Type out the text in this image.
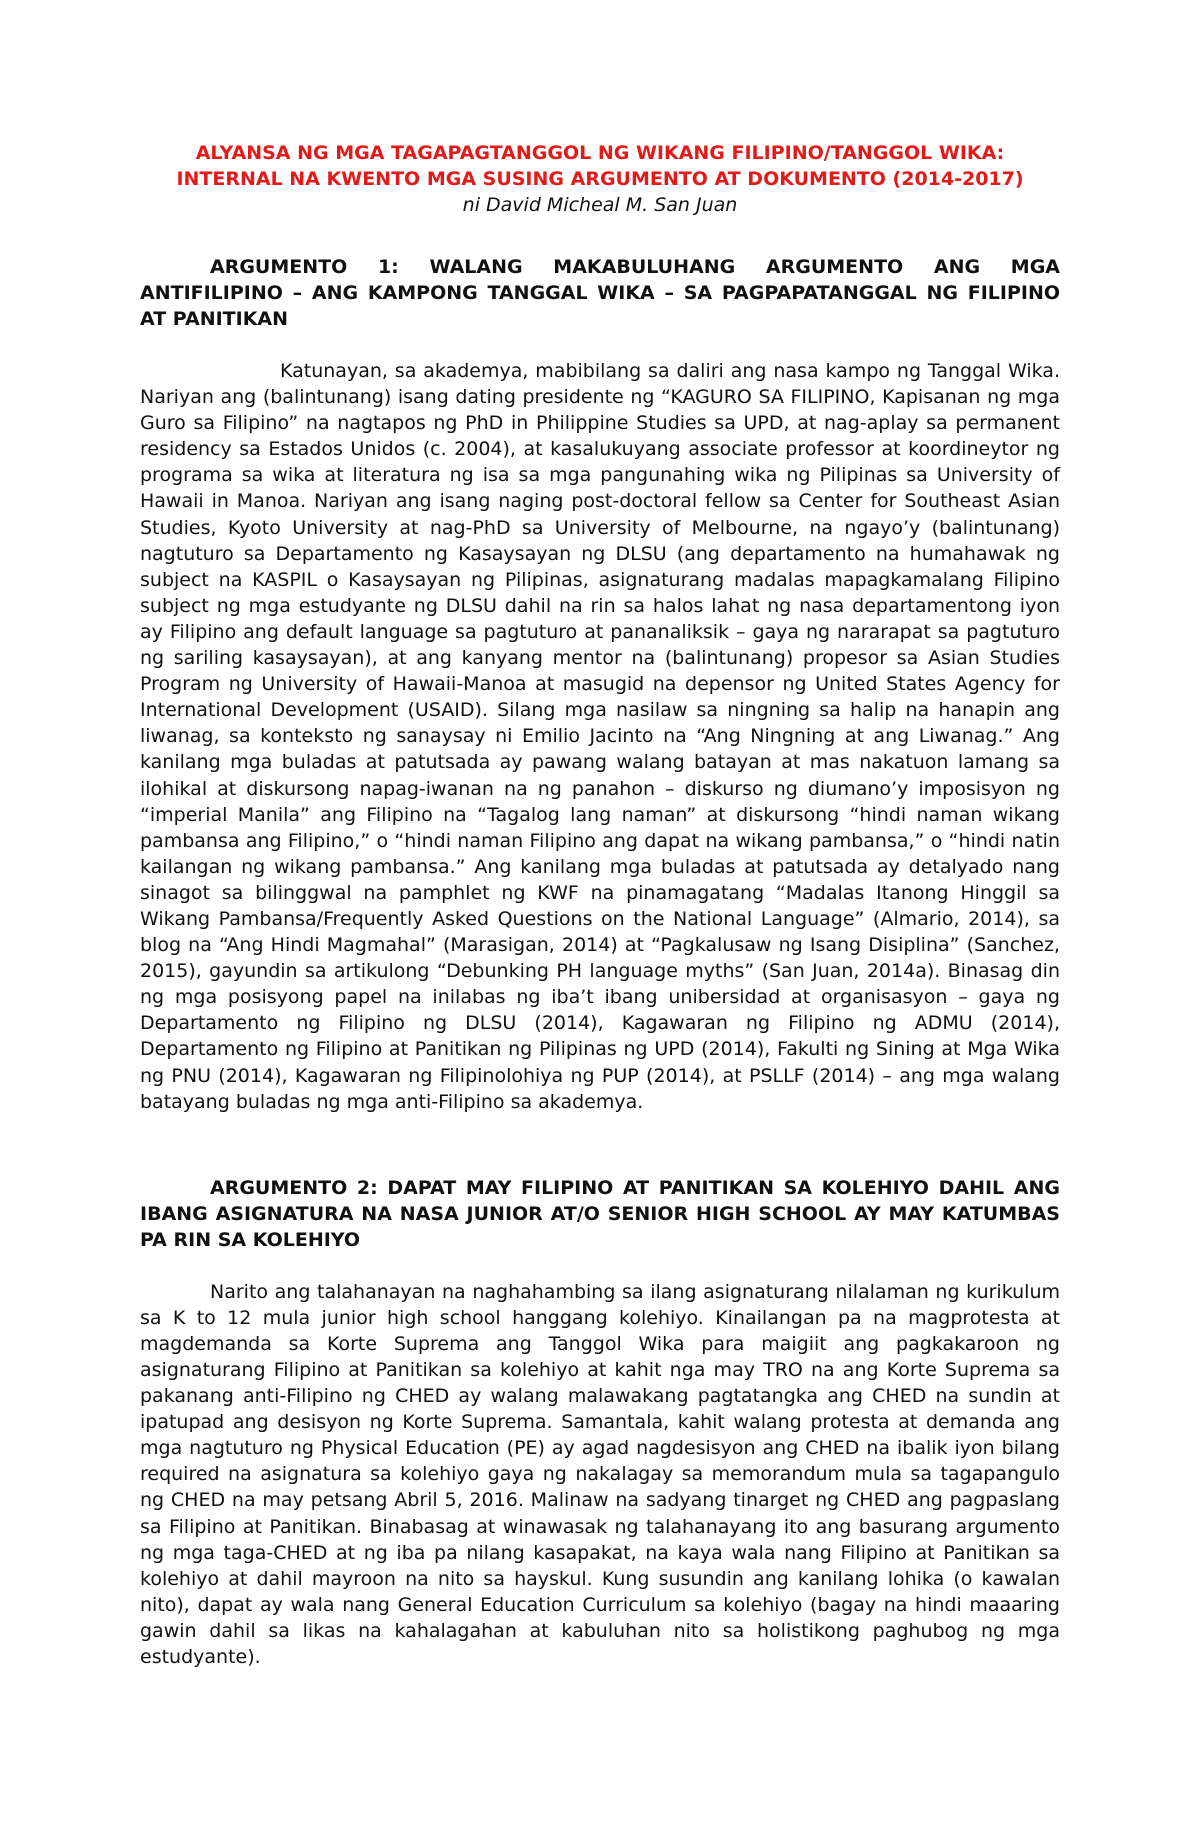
ALYANSA NG MGA TAGAPAGTANGGOL NG WIKANG FILIPINO/TANGGOL WIKA:

INTERNAL NA KWENTO MGA SUSING ARGUMENTO AT DOKUMENTO (2014-2017)

ni David Micheal M. San Juan

ARGUMENTO 1: WALANG MAKABULUHANG ARGUMENTO ANG MGA ANTIFILIPINO – ANG KAMPONG TANGGAL WIKA – SA PAGPAPATANGGAL NG FILIPINO AT PANITIKAN

Katunayan, sa akademya, mabibilang sa daliri ang nasa kampo ng Tanggal Wika. Nariyan ang (balintunang) isang dating presidente ng “KAGURO SA FILIPINO, Kapisanan ng mga Guro sa Filipino” na nagtapos ng PhD in Philippine Studies sa UPD, at nag-aplay sa permanent residency sa Estados Unidos (c. 2004), at kasalukuyang associate professor at koordineytor ng programa sa wika at literatura ng isa sa mga pangunahing wika ng Pilipinas sa University of Hawaii in Manoa. Nariyan ang isang naging post-doctoral fellow sa Center for Southeast Asian Studies, Kyoto University at nag-PhD sa University of Melbourne, na ngayo’y (balintunang) nagtuturo sa Departamento ng Kasaysayan ng DLSU (ang departamento na humahawak ng subject na KASPIL o Kasaysayan ng Pilipinas, asignaturang madalas mapagkamalang Filipino subject ng mga estudyante ng DLSU dahil na rin sa halos lahat ng nasa departamentong iyon ay Filipino ang default language sa pagtuturo at pananaliksik – gaya ng nararapat sa pagtuturo ng sariling kasaysayan), at ang kanyang mentor na (balintunang) propesor sa Asian Studies Program ng University of Hawaii-Manoa at masugid na depensor ng United States Agency for International Development (USAID). Silang mga nasilaw sa ningning sa halip na hanapin ang liwanag, sa konteksto ng sanaysay ni Emilio Jacinto na “Ang Ningning at ang Liwanag.” Ang kanilang mga buladas at patutsada ay pawang walang batayan at mas nakatuon lamang sa ilohikal at diskursong napag-iwanan na ng panahon – diskurso ng diumano’y imposisyon ng “imperial Manila” ang Filipino na “Tagalog lang naman” at diskursong “hindi naman wikang pambansa ang Filipino,” o “hindi naman Filipino ang dapat na wikang pambansa,” o “hindi natin kailangan ng wikang pambansa.” Ang kanilang mga buladas at patutsada ay detalyado nang sinagot sa bilinggwal na pamphlet ng KWF na pinamagatang “Madalas Itanong Hinggil sa Wikang Pambansa/Frequently Asked Questions on the National Language” (Almario, 2014), sa blog na “Ang Hindi Magmahal” (Marasigan, 2014) at “Pagkalusaw ng Isang Disiplina” (Sanchez, 2015), gayundin sa artikulong “Debunking PH language myths” (San Juan, 2014a). Binasag din ng mga posisyong papel na inilabas ng iba’t ibang unibersidad at organisasyon – gaya ng Departamento ng Filipino ng DLSU (2014), Kagawaran ng Filipino ng ADMU (2014), Departamento ng Filipino at Panitikan ng Pilipinas ng UPD (2014), Fakulti ng Sining at Mga Wika ng PNU (2014), Kagawaran ng Filipinolohiya ng PUP (2014), at PSLLF (2014) – ang mga walang batayang buladas ng mga anti-Filipino sa akademya.

ARGUMENTO 2: DAPAT MAY FILIPINO AT PANITIKAN SA KOLEHIYO DAHIL ANG IBANG ASIGNATURA NA NASA JUNIOR AT/O SENIOR HIGH SCHOOL AY MAY KATUMBAS PA RIN SA KOLEHIYO

Narito ang talahanayan na naghahambing sa ilang asignaturang nilalaman ng kurikulum sa K to 12 mula junior high school hanggang kolehiyo. Kinailangan pa na magprotesta at magdemanda sa Korte Suprema ang Tanggol Wika para maigiit ang pagkakaroon ng asignaturang Filipino at Panitikan sa kolehiyo at kahit nga may TRO na ang Korte Suprema sa pakanang anti-Filipino ng CHED ay walang malawakang pagtatangka ang CHED na sundin at ipatupad ang desisyon ng Korte Suprema. Samantala, kahit walang protesta at demanda ang mga nagtuturo ng Physical Education (PE) ay agad nagdesisyon ang CHED na ibalik iyon bilang required na asignatura sa kolehiyo gaya ng nakalagay sa memorandum mula sa tagapangulo ng CHED na may petsang Abril 5, 2016. Malinaw na sadyang tinarget ng CHED ang pagpaslang sa Filipino at Panitikan. Binabasag at winawasak ng talahanayang ito ang basurang argumento ng mga taga-CHED at ng iba pa nilang kasapakat, na kaya wala nang Filipino at Panitikan sa kolehiyo at dahil mayroon na nito sa hayskul. Kung susundin ang kanilang lohika (o kawalan nito), dapat ay wala nang General Education Curriculum sa kolehiyo (bagay na hindi maaaring gawin dahil sa likas na kahalagahan at kabuluhan nito sa holistikong paghubog ng mga estudyante).
